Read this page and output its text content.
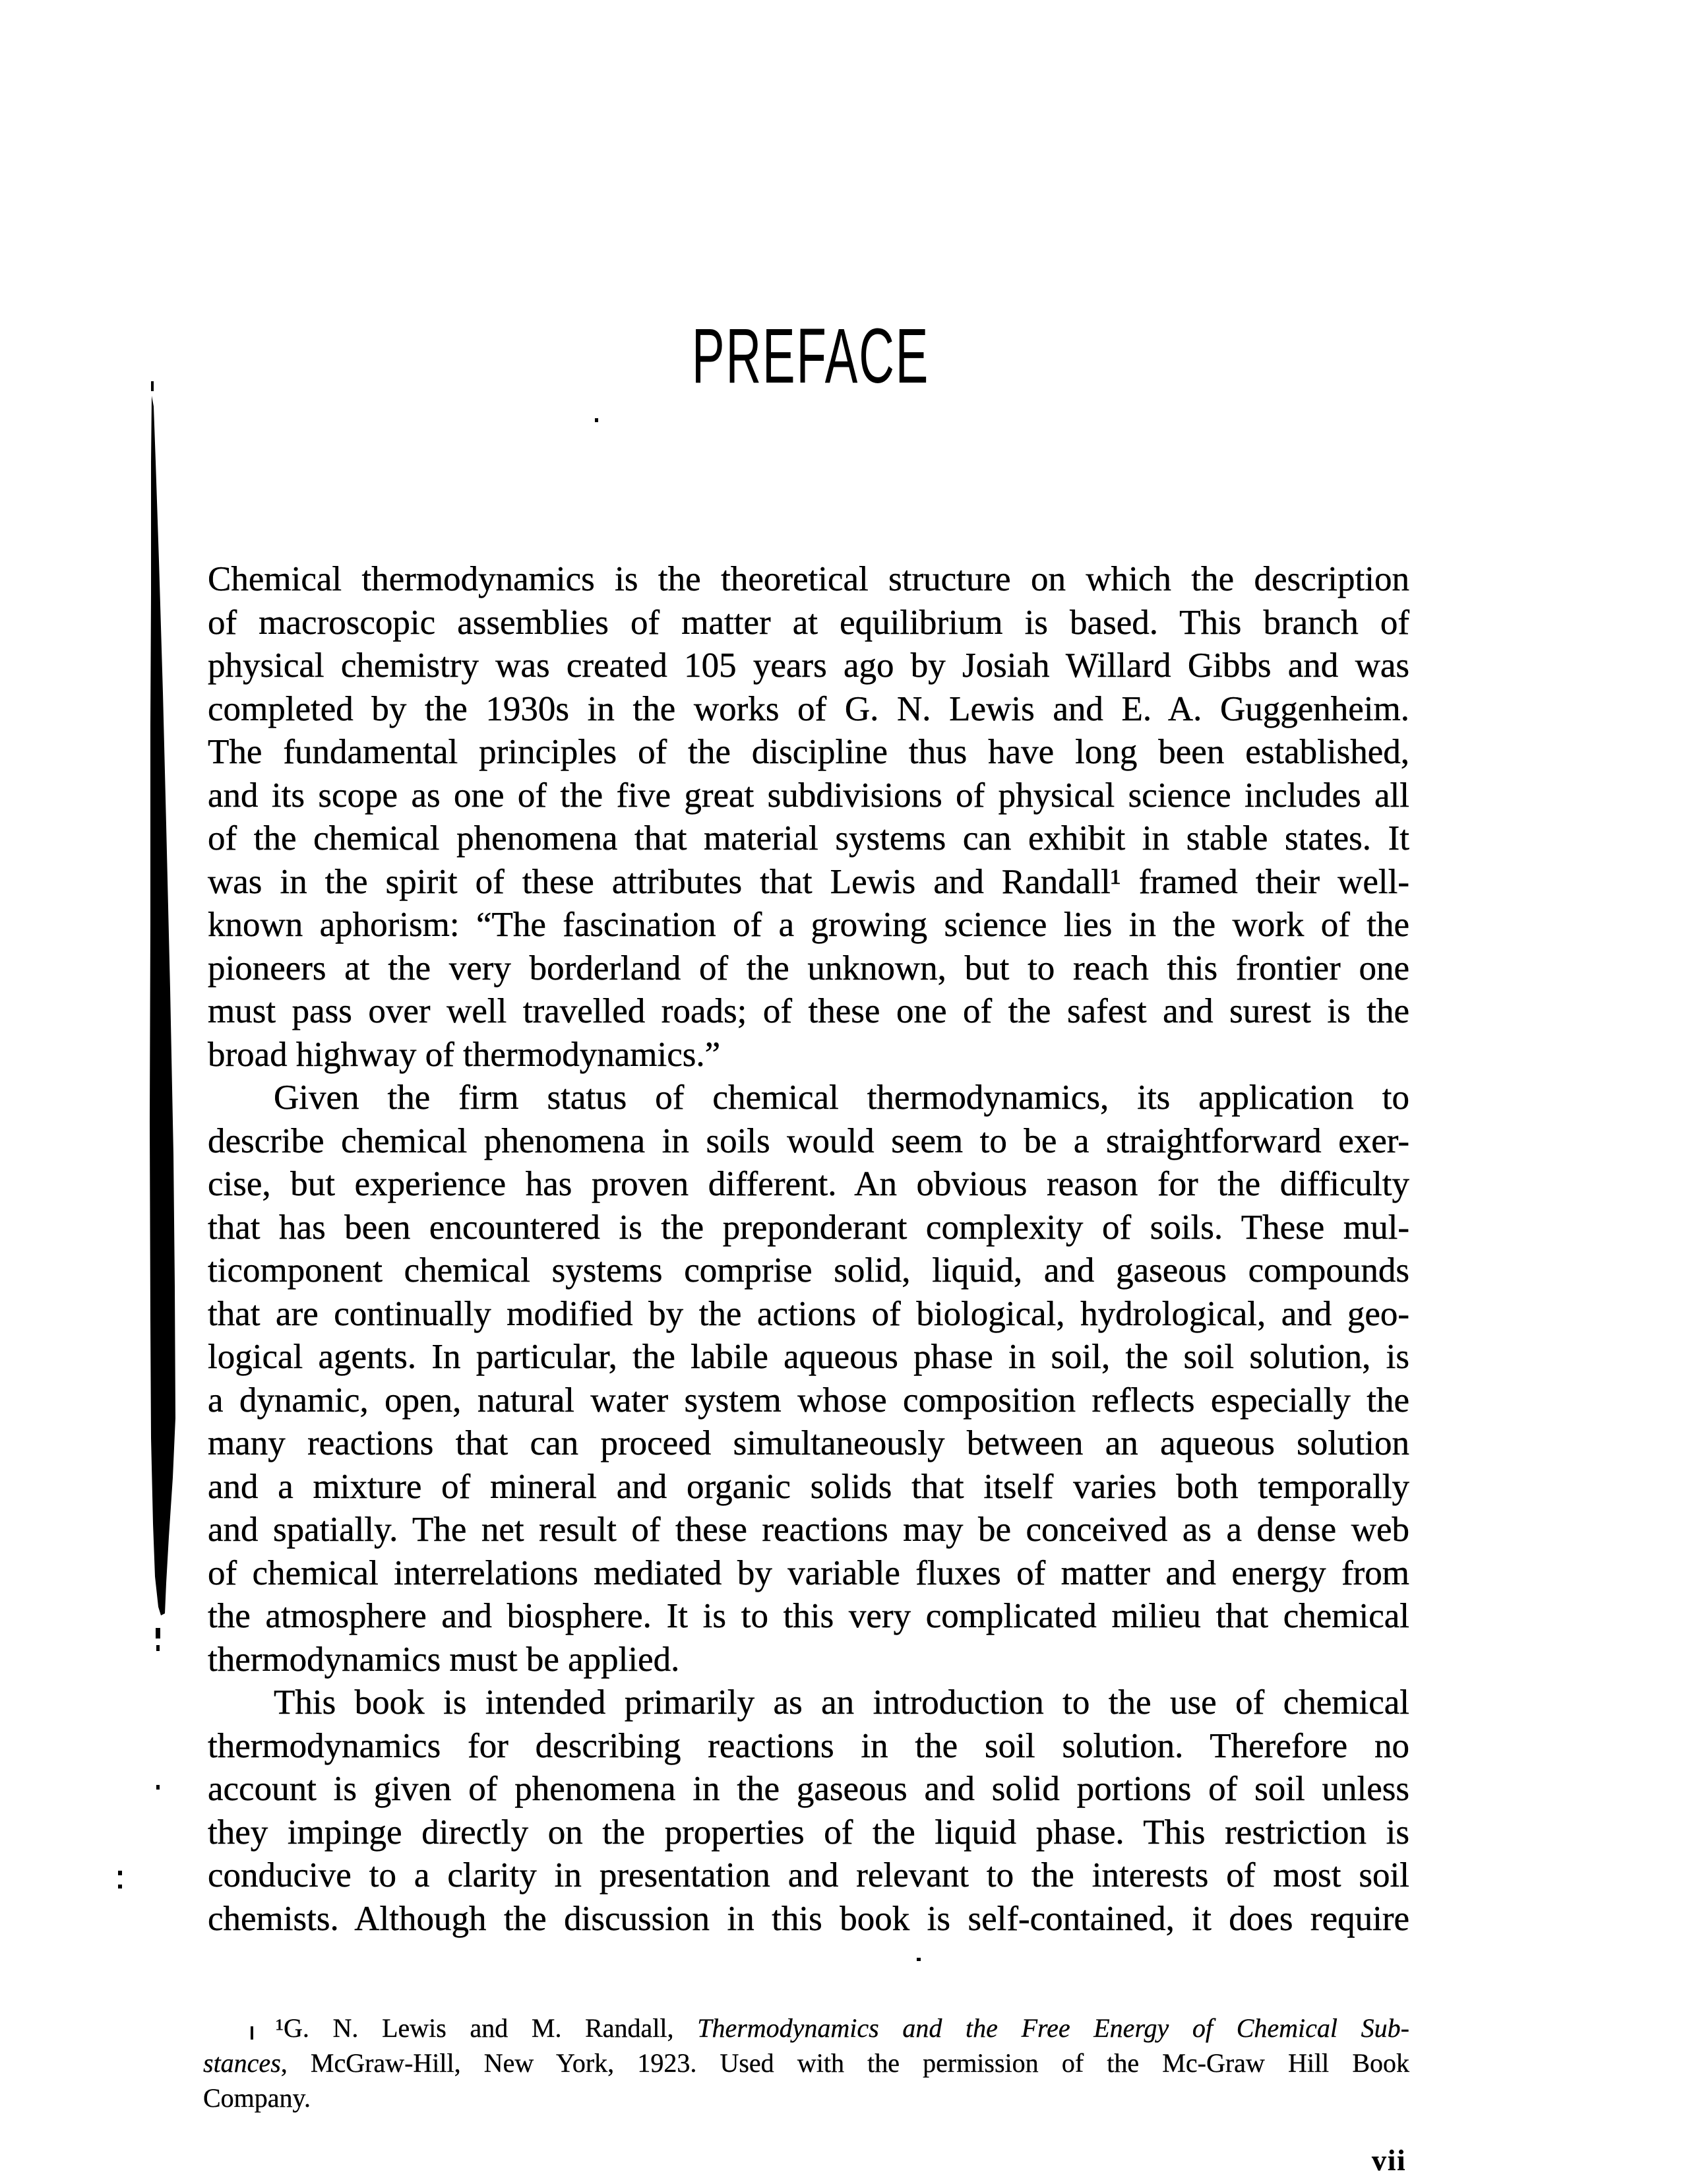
PREFACE
Chemical thermodynamics is the theoretical structure on which the description
of macroscopic assemblies of matter at equilibrium is based. This branch of
physical chemistry was created 105 years ago by Josiah Willard Gibbs and was
completed by the 1930s in the works of G. N. Lewis and E. A. Guggenheim.
The fundamental principles of the discipline thus have long been established,
and its scope as one of the five great subdivisions of physical science includes all
of the chemical phenomena that material systems can exhibit in stable states. It
was in the spirit of these attributes that Lewis and Randall¹ framed their well-
known aphorism: “The fascination of a growing science lies in the work of the
pioneers at the very borderland of the unknown, but to reach this frontier one
must pass over well travelled roads; of these one of the safest and surest is the
broad highway of thermodynamics.”
Given the firm status of chemical thermodynamics, its application to
describe chemical phenomena in soils would seem to be a straightforward exer-
cise, but experience has proven different. An obvious reason for the difficulty
that has been encountered is the preponderant complexity of soils. These mul-
ticomponent chemical systems comprise solid, liquid, and gaseous compounds
that are continually modified by the actions of biological, hydrological, and geo-
logical agents. In particular, the labile aqueous phase in soil, the soil solution, is
a dynamic, open, natural water system whose composition reflects especially the
many reactions that can proceed simultaneously between an aqueous solution
and a mixture of mineral and organic solids that itself varies both temporally
and spatially. The net result of these reactions may be conceived as a dense web
of chemical interrelations mediated by variable fluxes of matter and energy from
the atmosphere and biosphere. It is to this very complicated milieu that chemical
thermodynamics must be applied.
This book is intended primarily as an introduction to the use of chemical
thermodynamics for describing reactions in the soil solution. Therefore no
account is given of phenomena in the gaseous and solid portions of soil unless
they impinge directly on the properties of the liquid phase. This restriction is
conducive to a clarity in presentation and relevant to the interests of most soil
chemists. Although the discussion in this book is self-contained, it does require
¹G. N. Lewis and M. Randall, Thermodynamics and the Free Energy of Chemical Sub-
stances, McGraw-Hill, New York, 1923. Used with the permission of the Mc-Graw Hill Book
Company.
vii
